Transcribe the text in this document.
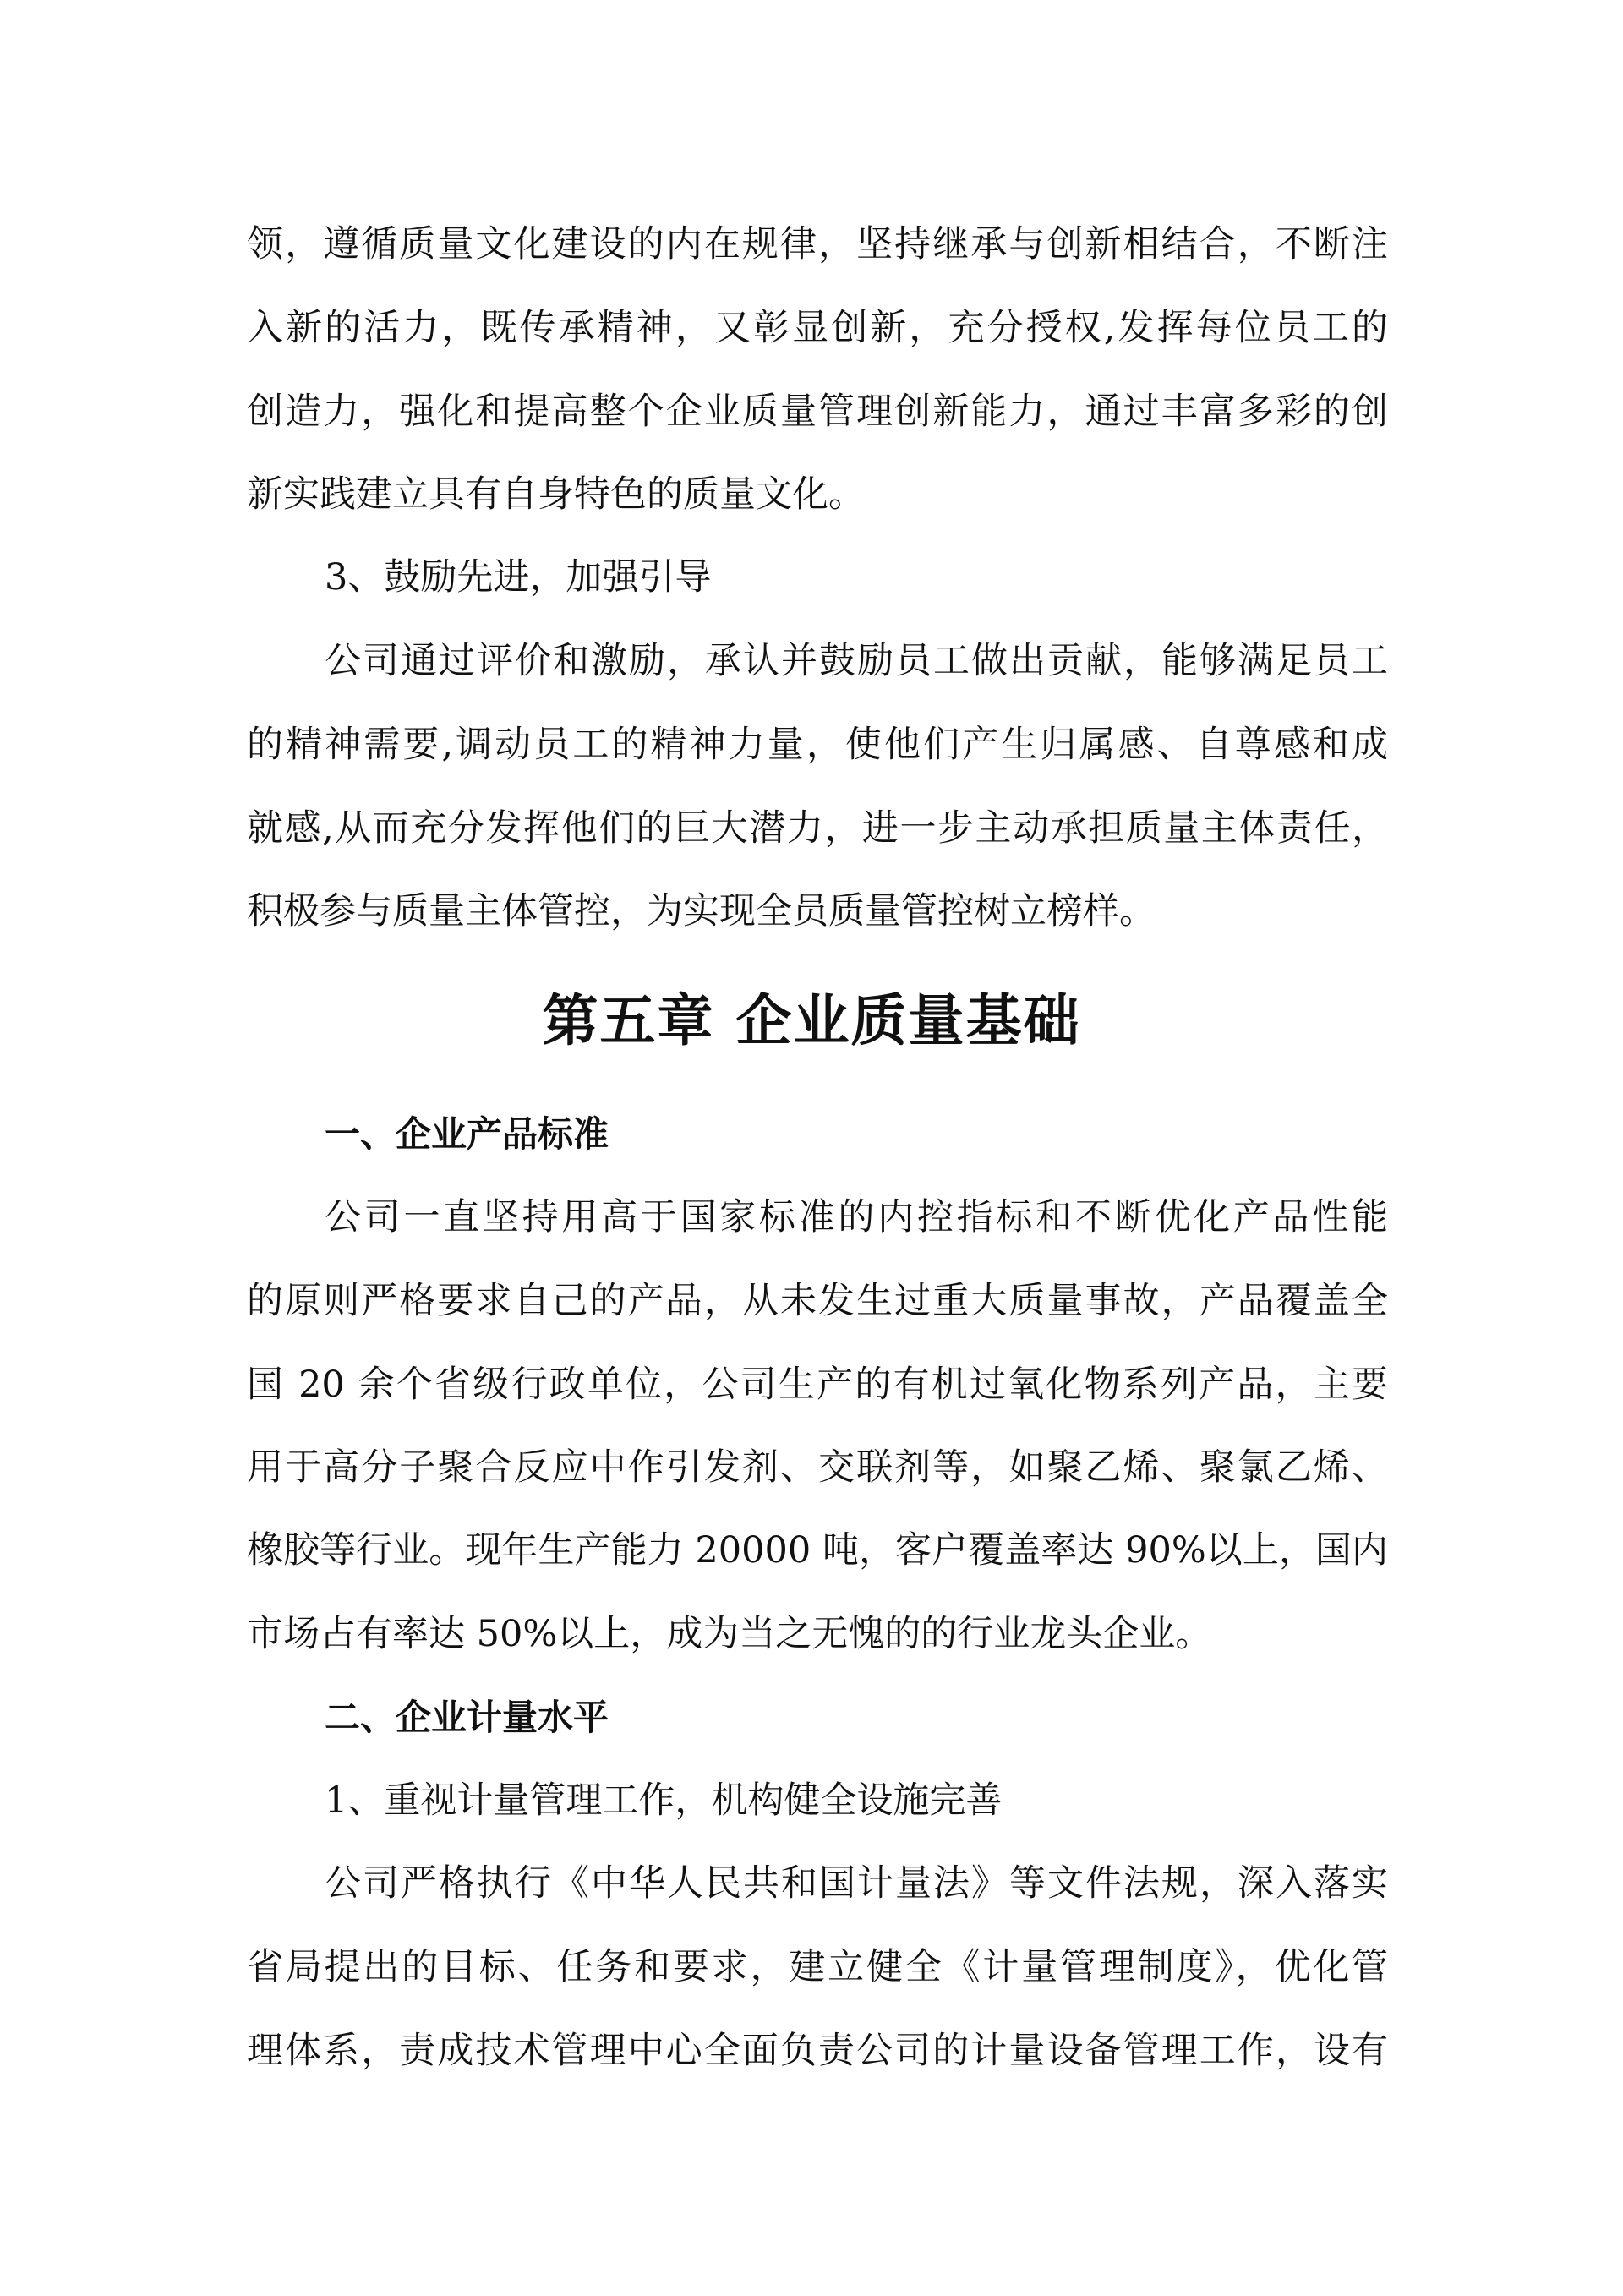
领，遵循质量文化建设的内在规律，坚持继承与创新相结合，不断注
入新的活力，既传承精神，又彰显创新，充分授权,发挥每位员工的
创造力，强化和提高整个企业质量管理创新能力，通过丰富多彩的创
新实践建立具有自身特色的质量文化。
3、鼓励先进，加强引导
公司通过评价和激励，承认并鼓励员工做出贡献，能够满足员工
的精神需要,调动员工的精神力量，使他们产生归属感、自尊感和成
就感,从而充分发挥他们的巨大潜力，进一步主动承担质量主体责任，
积极参与质量主体管控，为实现全员质量管控树立榜样。
第五章 企业质量基础
一、企业产品标准
公司一直坚持用高于国家标准的内控指标和不断优化产品性能
的原则严格要求自己的产品，从未发生过重大质量事故，产品覆盖全
国 20 余个省级行政单位，公司生产的有机过氧化物系列产品，主要
用于高分子聚合反应中作引发剂、交联剂等，如聚乙烯、聚氯乙烯、
橡胶等行业。现年生产能力 20000 吨，客户覆盖率达 90%以上，国内
市场占有率达 50%以上，成为当之无愧的的行业龙头企业。
二、企业计量水平
1、重视计量管理工作，机构健全设施完善
公司严格执行《中华人民共和国计量法》等文件法规，深入落实
省局提出的目标、任务和要求，建立健全《计量管理制度》，优化管
理体系，责成技术管理中心全面负责公司的计量设备管理工作，设有
